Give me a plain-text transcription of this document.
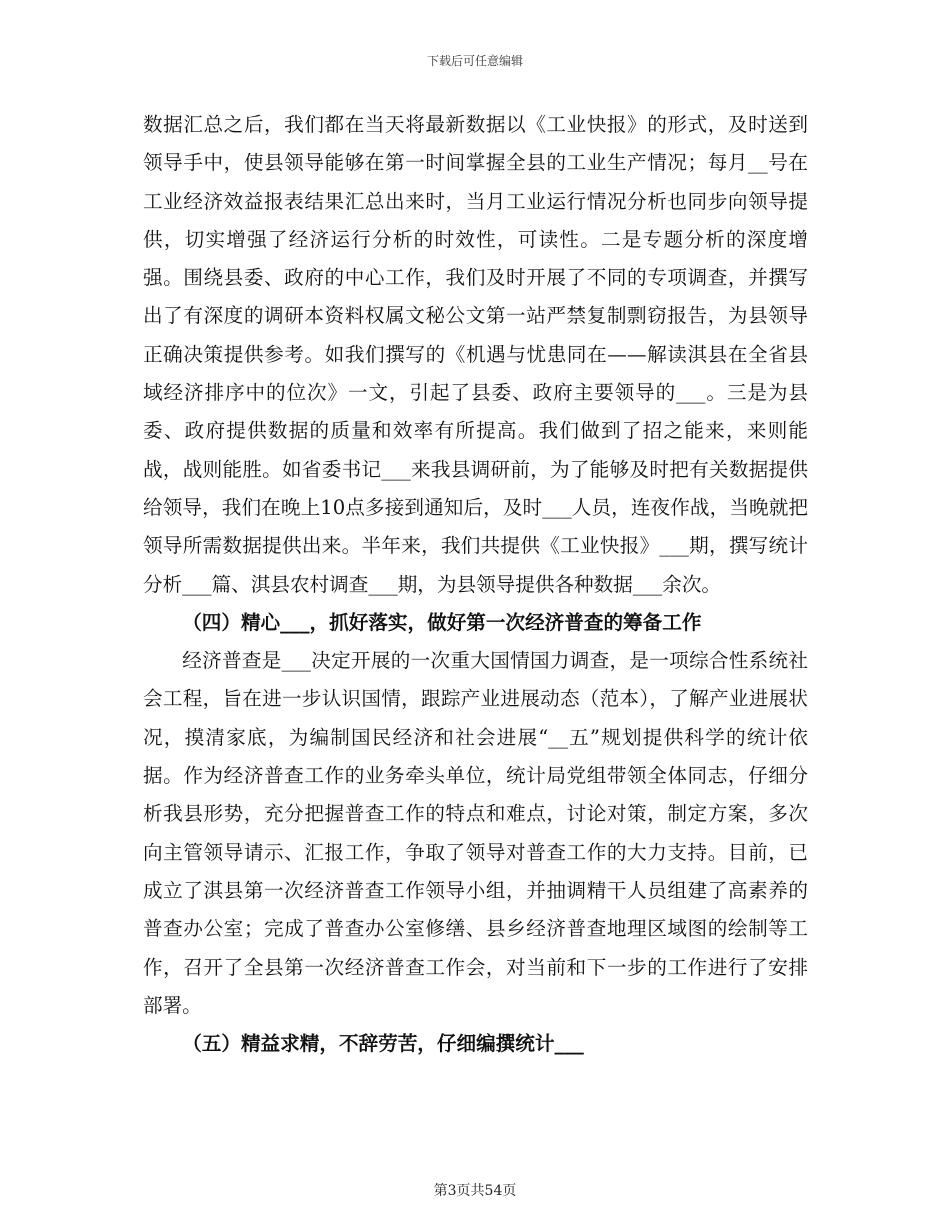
下载后可任意编辑

数据汇总之后，我们都在当天将最新数据以《工业快报》的形式，及时送到领导手中，使县领导能够在第一时间掌握全县的工业生产情况；每月__号在工业经济效益报表结果汇总出来时，当月工业运行情况分析也同步向领导提供，切实增强了经济运行分析的时效性，可读性。二是专题分析的深度增强。围绕县委、政府的中心工作，我们及时开展了不同的专项调查，并撰写出了有深度的调研本资料权属文秘公文第一站严禁复制剽窃报告，为县领导正确决策提供参考。如我们撰写的《机遇与忧患同在——解读淇县在全省县域经济排序中的位次》一文，引起了县委、政府主要领导的___。三是为县委、政府提供数据的质量和效率有所提高。我们做到了招之能来，来则能战，战则能胜。如省委书记___来我县调研前，为了能够及时把有关数据提供给领导，我们在晚上10点多接到通知后，及时___人员，连夜作战，当晚就把领导所需数据提供出来。半年来，我们共提供《工业快报》___期，撰写统计分析___篇、淇县农村调查___期，为县领导提供各种数据___余次。

（四）精心___，抓好落实，做好第一次经济普查的筹备工作

经济普查是___决定开展的一次重大国情国力调查，是一项综合性系统社会工程，旨在进一步认识国情，跟踪产业进展动态（范本），了解产业进展状况，摸清家底，为编制国民经济和社会进展“__五”规划提供科学的统计依据。作为经济普查工作的业务牵头单位，统计局党组带领全体同志，仔细分析我县形势，充分把握普查工作的特点和难点，讨论对策，制定方案，多次向主管领导请示、汇报工作，争取了领导对普查工作的大力支持。目前，已成立了淇县第一次经济普查工作领导小组，并抽调精干人员组建了高素养的普查办公室；完成了普查办公室修缮、县乡经济普查地理区域图的绘制等工作，召开了全县第一次经济普查工作会，对当前和下一步的工作进行了安排部署。

（五）精益求精，不辞劳苦，仔细编撰统计___

第3页共54页
